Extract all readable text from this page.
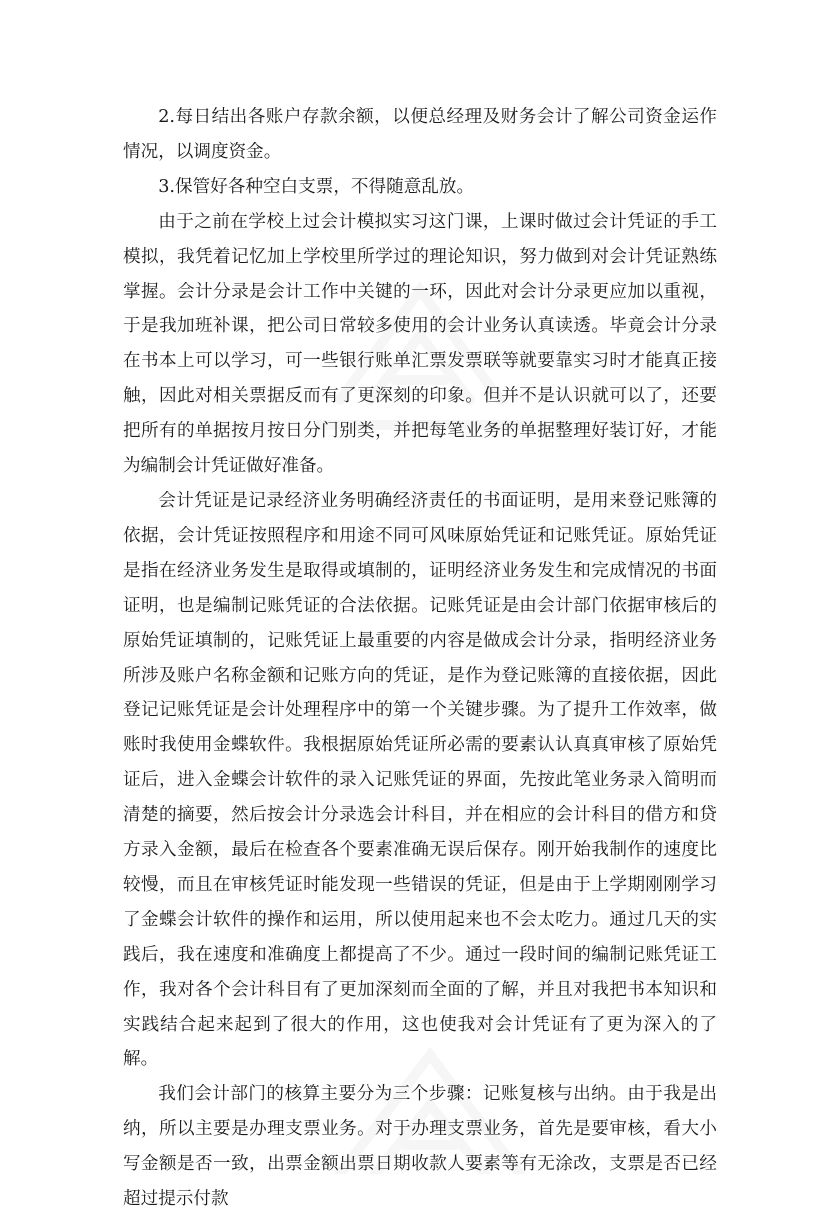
2.每日结出各账户存款余额，以便总经理及财务会计了解公司资金运作情况，以调度资金。

3.保管好各种空白支票，不得随意乱放。

由于之前在学校上过会计模拟实习这门课，上课时做过会计凭证的手工模拟，我凭着记忆加上学校里所学过的理论知识，努力做到对会计凭证熟练掌握。会计分录是会计工作中关键的一环，因此对会计分录更应加以重视，于是我加班补课，把公司日常较多使用的会计业务认真读透。毕竟会计分录在书本上可以学习，可一些银行账单汇票发票联等就要靠实习时才能真正接触，因此对相关票据反而有了更深刻的印象。但并不是认识就可以了，还要把所有的单据按月按日分门别类，并把每笔业务的单据整理好装订好，才能为编制会计凭证做好准备。

会计凭证是记录经济业务明确经济责任的书面证明，是用来登记账簿的依据，会计凭证按照程序和用途不同可风味原始凭证和记账凭证。原始凭证是指在经济业务发生是取得或填制的，证明经济业务发生和完成情况的书面证明，也是编制记账凭证的合法依据。记账凭证是由会计部门依据审核后的原始凭证填制的，记账凭证上最重要的内容是做成会计分录，指明经济业务所涉及账户名称金额和记账方向的凭证，是作为登记账簿的直接依据，因此登记记账凭证是会计处理程序中的第一个关键步骤。为了提升工作效率，做账时我使用金蝶软件。我根据原始凭证所必需的要素认认真真审核了原始凭证后，进入金蝶会计软件的录入记账凭证的界面，先按此笔业务录入简明而清楚的摘要，然后按会计分录选会计科目，并在相应的会计科目的借方和贷方录入金额，最后在检查各个要素准确无误后保存。刚开始我制作的速度比较慢，而且在审核凭证时能发现一些错误的凭证，但是由于上学期刚刚学习了金蝶会计软件的操作和运用，所以使用起来也不会太吃力。通过几天的实践后，我在速度和准确度上都提高了不少。通过一段时间的编制记账凭证工作，我对各个会计科目有了更加深刻而全面的了解，并且对我把书本知识和实践结合起来起到了很大的作用，这也使我对会计凭证有了更为深入的了解。

我们会计部门的核算主要分为三个步骤：记账复核与出纳。由于我是出纳，所以主要是办理支票业务。对于办理支票业务，首先是要审核，看大小写金额是否一致，出票金额出票日期收款人要素等有无涂改，支票是否已经超过提示付款
